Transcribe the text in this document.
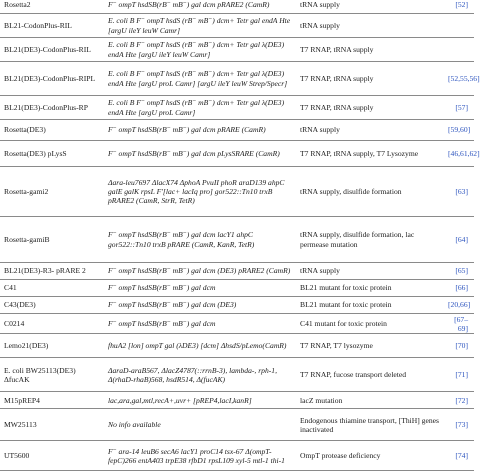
Rosetta2	F⁻ ompT hsdSB(rB⁻ mB⁻) gal dcm pRARE2 (CamR)	tRNA supply	[52]
BL21-CodonPlus-RIL	E. coli B F⁻ ompT hsdS (rB⁻ mB⁻) dcm+ Tetr gal endA Hte [argU ileY leuW Camr]	tRNA supply	
BL21(DE3)-CodonPlus-RIL	E. coli B F⁻ ompT hsdS (rB⁻ mB⁻) dcm+ Tetr gal λ(DE3) endA Hte [argU ileY leuW Camr]	T7 RNAP, tRNA supply	
BL21(DE3)-CodonPlus-RIPL	E. coli B F⁻ ompT hsdS (rB⁻ mB⁻) dcm+ Tetr gal λ(DE3) endA Hte [argU proL Camr] [argU ileY leuW Strep/Specr]	T7 RNAP, tRNA supply	[52,55,56]
BL21(DE3)-CodonPlus-RP	E. coli B F⁻ ompT hsdS (rB⁻ mB⁻) dcm+ Tetr gal λ(DE3) endA Hte [argU proL Camr]	T7 RNAP, tRNA supply	[57]
Rosetta(DE3)	F⁻ ompT hsdSB(rB⁻ mB⁻) gal dcm pRARE (CamR)	tRNA supply	[59,60]
Rosetta(DE3) pLysS	F⁻ ompT hsdSB(rB⁻ mB⁻) gal dcm pLysSRARE (CamR)	T7 RNAP, tRNA supply, T7 Lysozyme	[46,61,62]
Rosetta-gami2	Δara-leu7697 ΔlacX74 ΔphoA PvuII phoR araD139 ahpC galE galK rpsL F′[lac+ lacIq pro] gor522::Tn10 trxB pRARE2 (CamR, StrR, TetR)	tRNA supply, disulfide formation	[63]
Rosetta-gamiB	F⁻ ompT hsdSB(rB⁻ mB⁻) gal dcm lacY1 ahpC gor522::Tn10 trxB pRARE (CamR, KanR, TetR)	tRNA supply, disulfide formation, lac permease mutation	[64]
BL21(DE3)-R3- pRARE 2	F⁻ ompT hsdSB(rB⁻ mB⁻) gal dcm (DE3) pRARE2 (CamR)	tRNA supply	[65]
C41	F⁻ ompT hsdSB(rB⁻ mB⁻) gal dcm	BL21 mutant for toxic protein	[66]
C43(DE3)	F⁻ ompT hsdSB(rB⁻ mB⁻) gal dcm (DE3)	BL21 mutant for toxic protein	[20,66]
C0214	F⁻ ompT hsdSB(rB⁻ mB⁻) gal dcm	C41 mutant for toxic protein	[67–69]
Lemo21(DE3)	fhuA2 [lon] ompT gal (λDE3) [dcm] ΔhsdS/pLemo(CamR)	T7 RNAP, T7 lysozyme	[70]
E. coli BW25113(DE3) ΔfucAK	ΔaraD-araB567, ΔlacZ4787(::rrnB-3), lambda-, rph-1, Δ(rhaD-rhaB)568, hsdR514, Δ(fucAK)	T7 RNAP, fucose transport deleted	[71]
M15pREP4	lac,ara,gal,mtl,recA+,uvr+ [pREP4,lacI,kanR]	lacZ mutation	[72]
MW25113	No info available	Endogenous thiamine transport, [ThiH] genes inactivated	[73]
UT5600	F⁻ ara-14 leuB6 secA6 lacY1 proC14 tsx-67 Δ(ompT-fepC)266 entA403 trpE38 rfbD1 rpsL109 xyl-5 mtl-1 thi-1	OmpT protease deficiency	[74]
